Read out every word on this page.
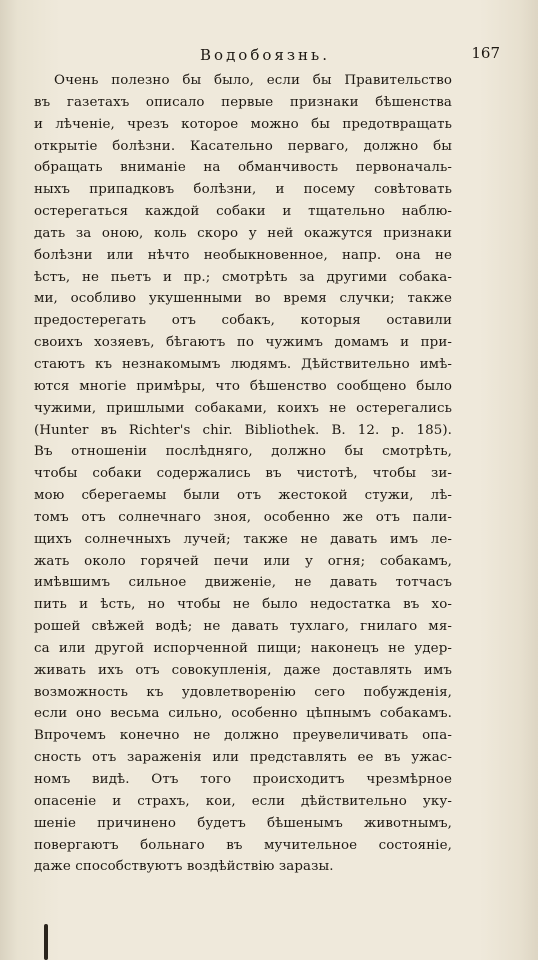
Водобоязнь.	167
Очень полезно бы было, если бы Правительство
въ газетахъ описало первые признаки бѣшенства
и лѣченіе, чрезъ которое можно бы предотвращать
открытіе болѣзни. Касательно перваго, должно бы
обращать вниманіе на обманчивость первоначаль-
ныхъ припадковъ болѣзни, и посему совѣтовать
остерегаться каждой собаки и тщательно наблю-
дать за оною, коль скоро у ней окажутся признаки
болѣзни или нѣчто необыкновенное, напр. она не
ѣстъ, не пьетъ и пр.; смотрѣть за другими собака-
ми, особливо укушенными во время случки; также
предостерегать отъ собакъ, которыя оставили
своихъ хозяевъ, бѣгаютъ по чужимъ домамъ и при-
стаютъ къ незнакомымъ людямъ. Дѣйствительно имѣ-
ются многіе примѣры, что бѣшенство сообщено было
чужими, пришлыми собаками, коихъ не остерегались
(Hunter въ Richter's chir. Bibliothek. B. 12. p. 185).
Въ отношеніи послѣдняго, должно бы смотрѣть,
чтобы собаки содержались въ чистотѣ, чтобы зи-
мою сберегаемы были отъ жестокой стужи, лѣ-
томъ отъ солнечнаго зноя, особенно же отъ пали-
щихъ солнечныхъ лучей; также не давать имъ ле-
жать около горячей печи или у огня; собакамъ,
имѣвшимъ сильное движеніе, не давать тотчасъ
пить и ѣсть, но чтобы не было недостатка въ хо-
рошей свѣжей водѣ; не давать тухлаго, гнилаго мя-
са или другой испорченной пищи; наконецъ не удер-
живать ихъ отъ совокупленія, даже доставлять имъ
возможность къ удовлетворенію сего побужденія,
если оно весьма сильно, особенно цѣпнымъ собакамъ.
Впрочемъ конечно не должно преувеличивать опа-
сность отъ зараженія или представлять ее въ ужас-
номъ видѣ. Отъ того происходитъ чрезмѣрное
опасеніе и страхъ, кои, если дѣйствительно уку-
шеніе причинено будетъ бѣшенымъ животнымъ,
повергаютъ больнаго въ мучительное состояніе,
даже способствуютъ воздѣйствію заразы.
